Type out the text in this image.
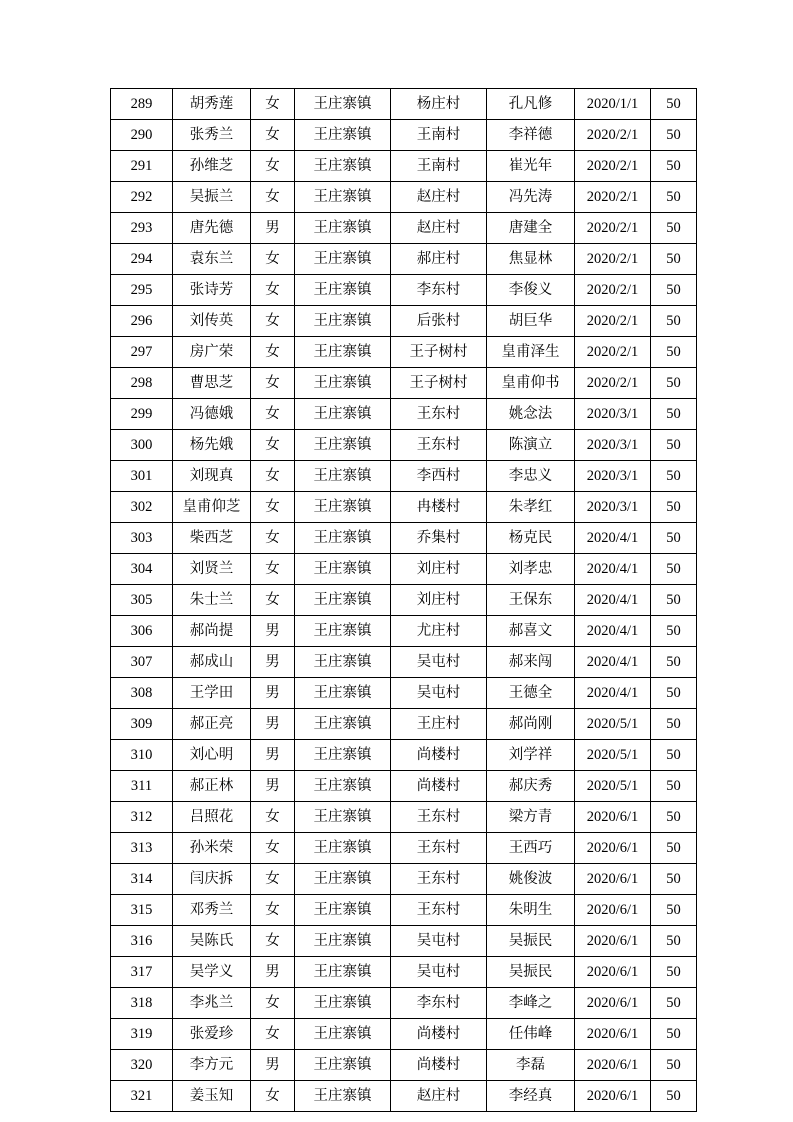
289	胡秀莲	女	王庄寨镇	杨庄村	孔凡修	2020/1/1	50
290	张秀兰	女	王庄寨镇	王南村	李祥德	2020/2/1	50
291	孙维芝	女	王庄寨镇	王南村	崔光年	2020/2/1	50
292	吴振兰	女	王庄寨镇	赵庄村	冯先涛	2020/2/1	50
293	唐先德	男	王庄寨镇	赵庄村	唐建全	2020/2/1	50
294	袁东兰	女	王庄寨镇	郝庄村	焦显林	2020/2/1	50
295	张诗芳	女	王庄寨镇	李东村	李俊义	2020/2/1	50
296	刘传英	女	王庄寨镇	后张村	胡巨华	2020/2/1	50
297	房广荣	女	王庄寨镇	王子树村	皇甫泽生	2020/2/1	50
298	曹思芝	女	王庄寨镇	王子树村	皇甫仰书	2020/2/1	50
299	冯德娥	女	王庄寨镇	王东村	姚念法	2020/3/1	50
300	杨先娥	女	王庄寨镇	王东村	陈演立	2020/3/1	50
301	刘现真	女	王庄寨镇	李西村	李忠义	2020/3/1	50
302	皇甫仰芝	女	王庄寨镇	冉楼村	朱孝红	2020/3/1	50
303	柴西芝	女	王庄寨镇	乔集村	杨克民	2020/4/1	50
304	刘贤兰	女	王庄寨镇	刘庄村	刘孝忠	2020/4/1	50
305	朱士兰	女	王庄寨镇	刘庄村	王保东	2020/4/1	50
306	郝尚提	男	王庄寨镇	尤庄村	郝喜文	2020/4/1	50
307	郝成山	男	王庄寨镇	吴屯村	郝来闯	2020/4/1	50
308	王学田	男	王庄寨镇	吴屯村	王德全	2020/4/1	50
309	郝正亮	男	王庄寨镇	王庄村	郝尚刚	2020/5/1	50
310	刘心明	男	王庄寨镇	尚楼村	刘学祥	2020/5/1	50
311	郝正林	男	王庄寨镇	尚楼村	郝庆秀	2020/5/1	50
312	吕照花	女	王庄寨镇	王东村	梁方青	2020/6/1	50
313	孙米荣	女	王庄寨镇	王东村	王西巧	2020/6/1	50
314	闫庆拆	女	王庄寨镇	王东村	姚俊波	2020/6/1	50
315	邓秀兰	女	王庄寨镇	王东村	朱明生	2020/6/1	50
316	吴陈氏	女	王庄寨镇	吴屯村	吴振民	2020/6/1	50
317	吴学义	男	王庄寨镇	吴屯村	吴振民	2020/6/1	50
318	李兆兰	女	王庄寨镇	李东村	李峰之	2020/6/1	50
319	张爱珍	女	王庄寨镇	尚楼村	任伟峰	2020/6/1	50
320	李方元	男	王庄寨镇	尚楼村	李磊	2020/6/1	50
321	姜玉知	女	王庄寨镇	赵庄村	李经真	2020/6/1	50
